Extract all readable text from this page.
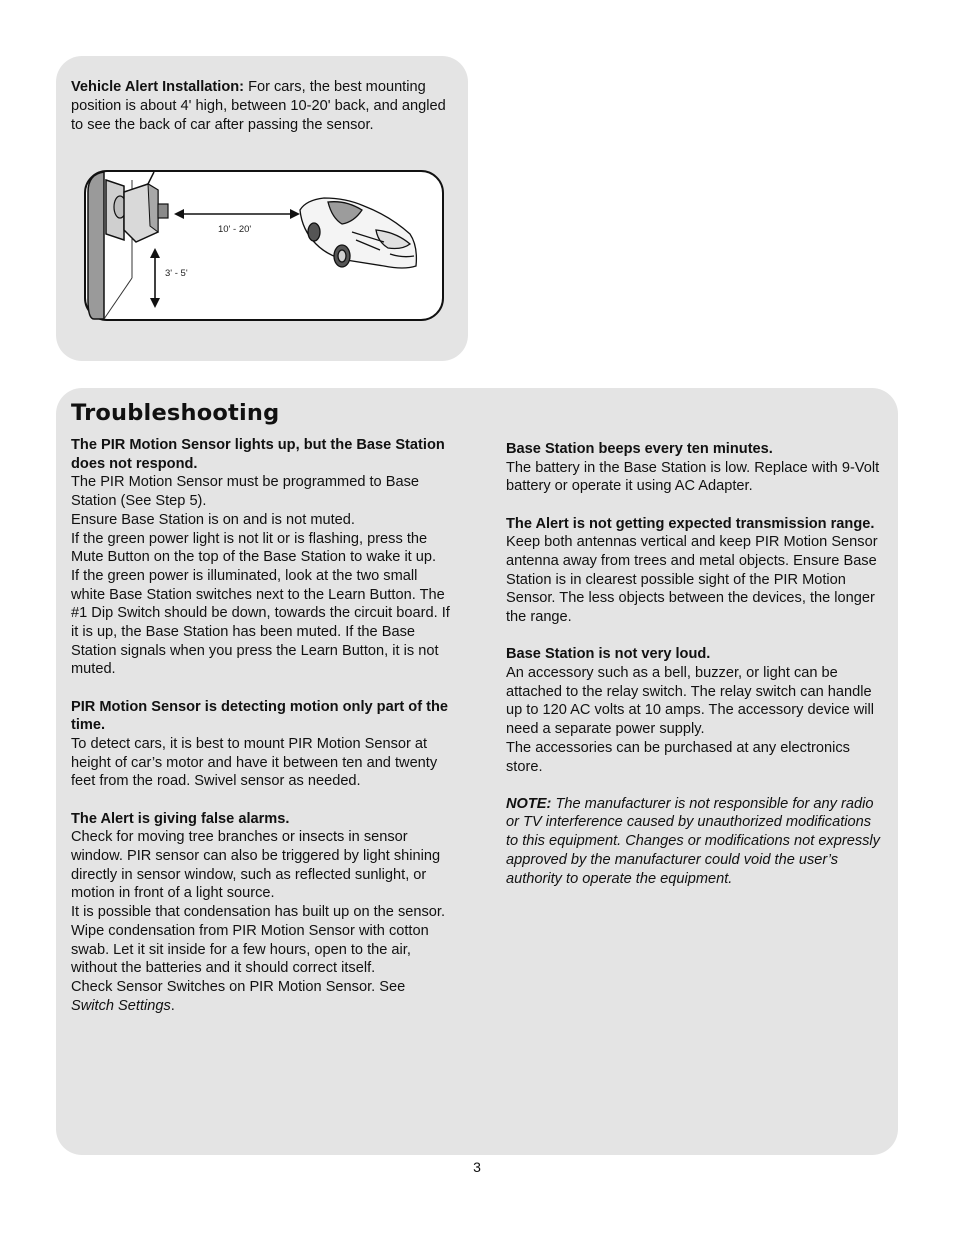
Vehicle Alert Installation: For cars, the best mounting position is about 4' high, between 10-20' back, and angled to see the back of car after passing the sensor.

10' - 20'
3' - 5'
Troubleshooting
The PIR Motion Sensor lights up, but the Base Station does not respond.

The PIR Motion Sensor must be programmed to Base Station (See Step 5).

Ensure Base Station is on and is not muted.

If the green power light is not lit or is flashing, press the Mute Button on the top of the Base Station to wake it up.

If the green power is illuminated, look at the two small white Base Station switches next to the Learn Button. The #1 Dip Switch should be down, towards the circuit board. If it is up, the Base Station has been muted. If the Base Station signals when you press the Learn Button, it is not muted.

PIR Motion Sensor is detecting motion only part of the time.

To detect cars, it is best to mount PIR Motion Sensor at height of car’s motor and have it between ten and twenty feet from the road. Swivel sensor as needed.

The Alert is giving false alarms.

Check for moving tree branches or insects in sensor window. PIR sensor can also be triggered by light shining directly in sensor window, such as reflected sunlight, or motion in front of a light source.

It is possible that condensation has built up on the sensor. Wipe condensation from PIR Motion Sensor with cotton swab. Let it sit inside for a few hours, open to the air, without the batteries and it should correct itself.

Check Sensor Switches on PIR Motion Sensor. See Switch Settings.

Base Station beeps every ten minutes.

The battery in the Base Station is low. Replace with 9-Volt battery or operate it using AC Adapter.

The Alert is not getting expected transmission range.

Keep both antennas vertical and keep PIR Motion Sensor antenna away from trees and metal objects. Ensure Base Station is in clearest possible sight of the PIR Motion Sensor. The less objects between the devices, the longer the range.

Base Station is not very loud.

An accessory such as a bell, buzzer, or light can be attached to the relay switch. The relay switch can handle up to 120 AC volts at 10 amps. The accessory device will need a separate power supply.

The accessories can be purchased at any electronics store.

NOTE: The manufacturer is not responsible for any radio or TV interference caused by unauthorized modifications to this equipment. Changes or modifications not expressly approved by the manufacturer could void the user’s authority to operate the equipment.

3
